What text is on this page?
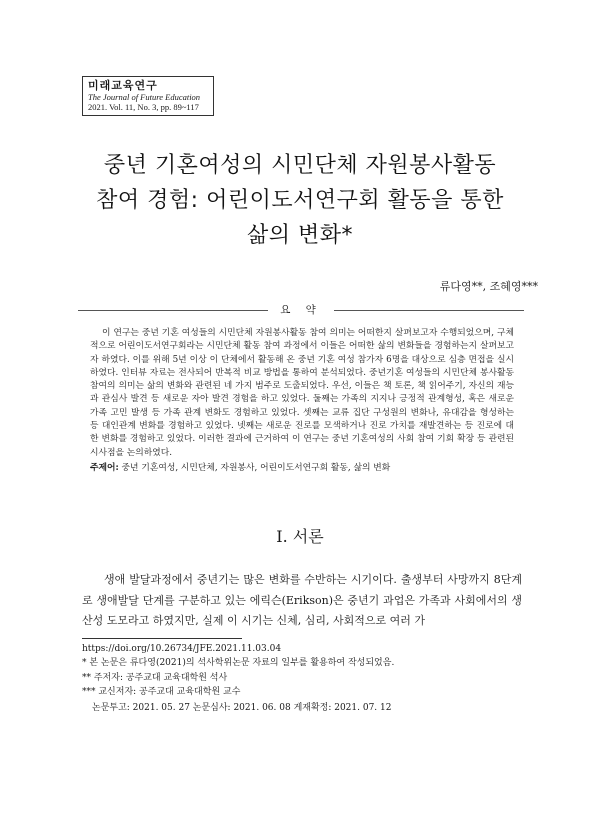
미래교육연구
The Journal of Future Education
2021. Vol. 11, No. 3, pp. 89~117
중년 기혼여성의 시민단체 자원봉사활동
참여 경험: 어린이도서연구회 활동을 통한
삶의 변화*
류다영**, 조혜영***
요 약

이 연구는 중년 기혼 여성들의 시민단체 자원봉사활동 참여 의미는 어떠한지 살펴보고자 수행되었으며, 구체적으로 어린이도서연구회라는 시민단체 활동 참여 과정에서 이들은 어떠한 삶의 변화들을 경험하는지 살펴보고자 하였다. 이를 위해 5년 이상 이 단체에서 활동해 온 중년 기혼 여성 참가자 6명을 대상으로 심층 면접을 실시하였다. 인터뷰 자료는 전사되어 반복적 비교 방법을 통하여 분석되었다. 중년기혼 여성들의 시민단체 봉사활동 참여의 의미는 삶의 변화와 관련된 네 가지 범주로 도출되었다. 우선, 이들은 책 토론, 책 읽어주기, 자신의 재능과 관심사 발견 등 새로운 자아 발견 경험을 하고 있었다. 둘째는 가족의 지지나 긍정적 관계형성, 혹은 새로운 가족 고민 발생 등 가족 관계 변화도 경험하고 있었다. 셋째는 교류 집단 구성원의 변화나, 유대감을 형성하는 등 대인관계 변화를 경험하고 있었다. 넷째는 새로운 진로를 모색하거나 진로 가치를 재발견하는 등 진로에 대한 변화를 경험하고 있었다. 이러한 결과에 근거하여 이 연구는 중년 기혼여성의 사회 참여 기회 확장 등 관련된 시사점을 논의하였다.

주제어: 중년 기혼여성, 시민단체, 자원봉사, 어린이도서연구회 활동, 삶의 변화
I. 서론

생애 발달과정에서 중년기는 많은 변화를 수반하는 시기이다. 출생부터 사망까지 8단계로 생애발달 단계를 구분하고 있는 에릭슨(Erikson)은 중년기 과업은 가족과 사회에서의 생산성 도모라고 하였지만, 실제 이 시기는 신체, 심리, 사회적으로 여러 가

https://doi.org/10.26734/JFE.2021.11.03.04
* 본 논문은 류다영(2021)의 석사학위논문 자료의 일부를 활용하여 작성되었음.
** 주저자: 공주교대 교육대학원 석사
*** 교신저자: 공주교대 교육대학원 교수
논문투고: 2021. 05. 27 논문심사: 2021. 06. 08 게재확정: 2021. 07. 12
